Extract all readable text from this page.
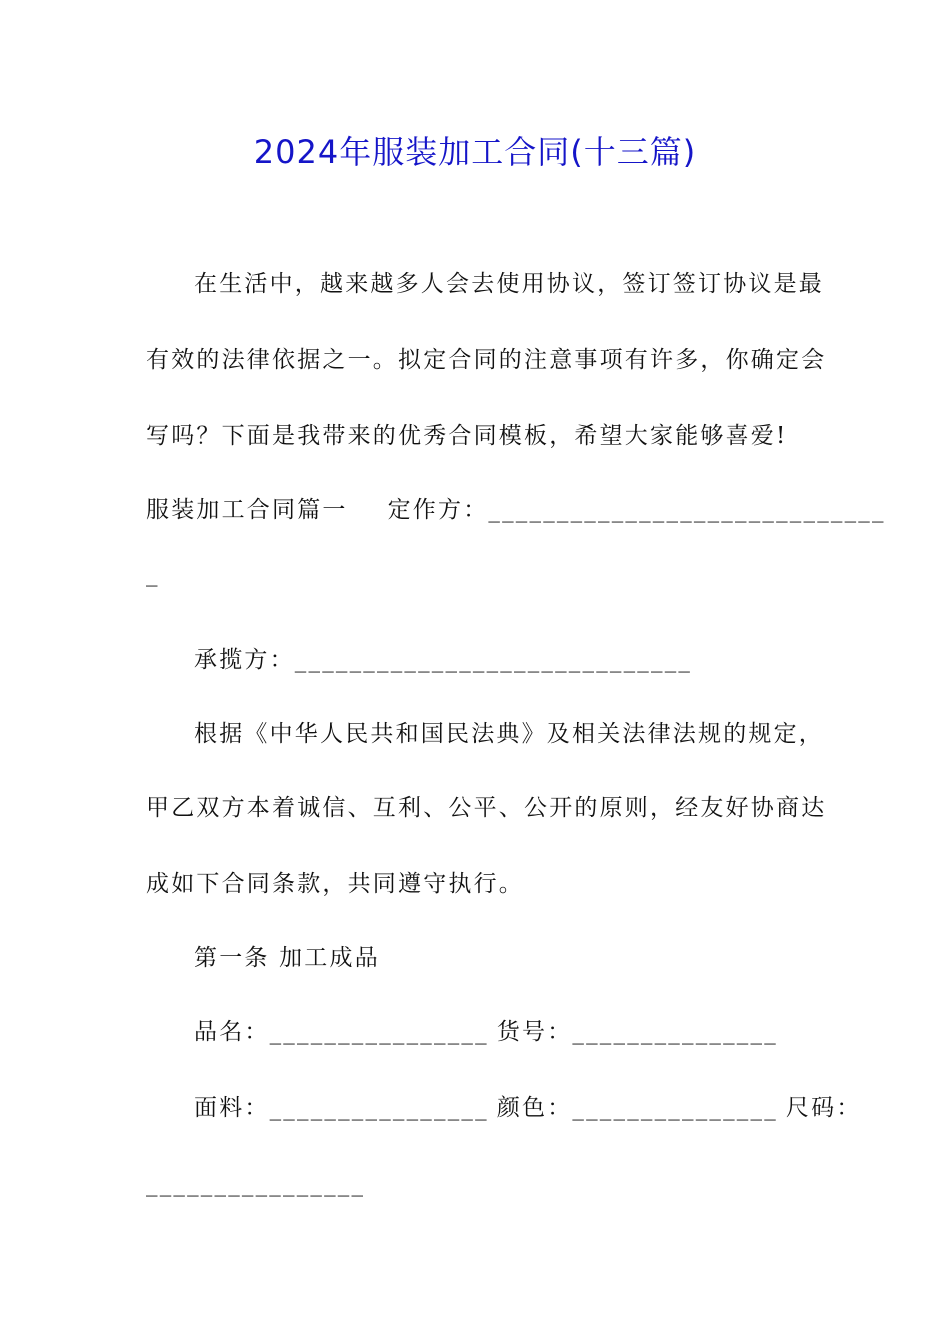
2024年服装加工合同(十三篇)
在生活中，越来越多人会去使用协议，签订签订协议是最
有效的法律依据之一。拟定合同的注意事项有许多，你确定会
写吗？下面是我带来的优秀合同模板，希望大家能够喜爱!
服装加工合同篇一 定作方：_____________________________
_
承揽方：_____________________________
根据《中华人民共和国民法典》及相关法律法规的规定，
甲乙双方本着诚信、互利、公平、公开的原则，经友好协商达
成如下合同条款，共同遵守执行。
第一条 加工成品
品名：________________ 货号：_______________
面料：________________ 颜色：_______________ 尺码：
________________
